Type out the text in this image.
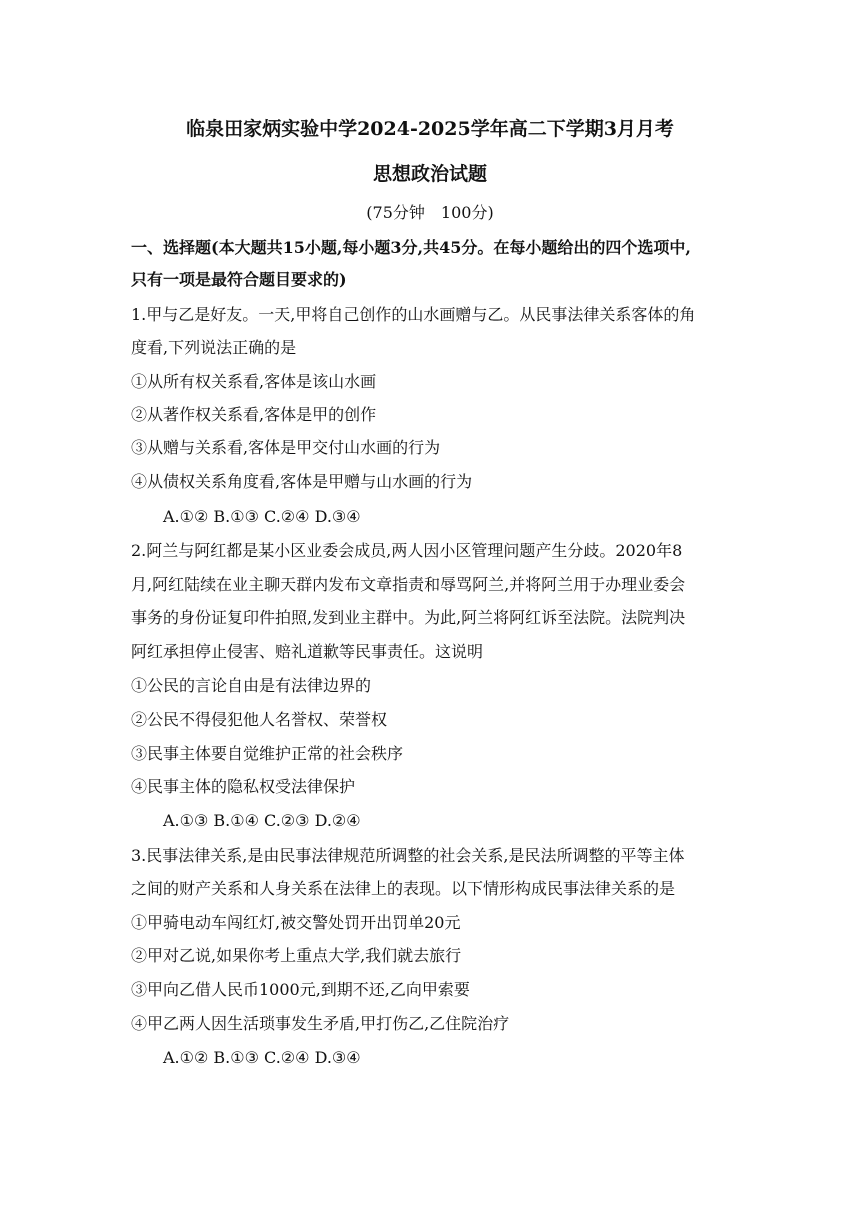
临泉田家炳实验中学2024-2025学年高二下学期3月月考
思想政治试题
(75分钟　100分)
一、选择题(本大题共15小题,每小题3分,共45分。在每小题给出的四个选项中,
只有一项是最符合题目要求的)
1.甲与乙是好友。一天,甲将自己创作的山水画赠与乙。从民事法律关系客体的角
度看,下列说法正确的是
①从所有权关系看,客体是该山水画
②从著作权关系看,客体是甲的创作
③从赠与关系看,客体是甲交付山水画的行为
④从债权关系角度看,客体是甲赠与山水画的行为
A.①② B.①③ C.②④ D.③④
2.阿兰与阿红都是某小区业委会成员,两人因小区管理问题产生分歧。2020年8
月,阿红陆续在业主聊天群内发布文章指责和辱骂阿兰,并将阿兰用于办理业委会
事务的身份证复印件拍照,发到业主群中。为此,阿兰将阿红诉至法院。法院判决
阿红承担停止侵害、赔礼道歉等民事责任。这说明
①公民的言论自由是有法律边界的
②公民不得侵犯他人名誉权、荣誉权
③民事主体要自觉维护正常的社会秩序
④民事主体的隐私权受法律保护
A.①③ B.①④ C.②③ D.②④
3.民事法律关系,是由民事法律规范所调整的社会关系,是民法所调整的平等主体
之间的财产关系和人身关系在法律上的表现。以下情形构成民事法律关系的是
①甲骑电动车闯红灯,被交警处罚开出罚单20元
②甲对乙说,如果你考上重点大学,我们就去旅行
③甲向乙借人民币1000元,到期不还,乙向甲索要
④甲乙两人因生活琐事发生矛盾,甲打伤乙,乙住院治疗
A.①② B.①③ C.②④ D.③④
